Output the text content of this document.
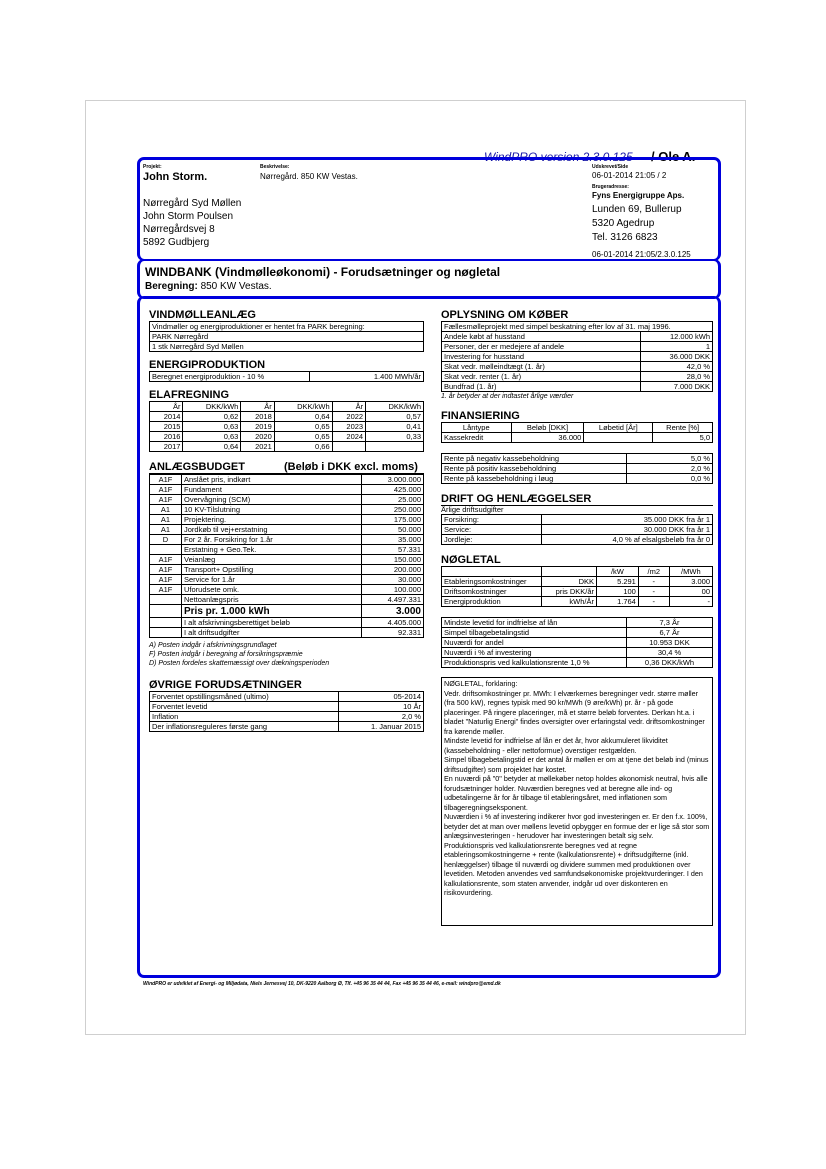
WindPRO version 2.3.0.125 / Ole A.
Projekt:
John Storm.
Beskrivelse:
Nørregård. 850 KW Vestas.
Nørregård Syd Møllen
John Storm Poulsen
Nørregårdsvej 8
5892 Gudbjerg
Udskrevet/Side
06-01-2014 21:05 / 2
Brugeradresse:
Fyns Energigruppe Aps.
Lunden 69, Bullerup
5320 Agedrup
Tel. 3126 6823
06-01-2014 21:05/2.3.0.125
WINDBANK (Vindmølleøkonomi) - Forudsætninger og nøgletal
Beregning: 850 KW Vestas.
VINDMØLLEANLÆG
Vindmøller og energiproduktioner er hentet fra PARK beregning:
PARK Nørregård
1 stk Nørregård Syd Møllen
ENERGIPRODUKTION
Beregnet energiproduktion - 10 %	1.400 MWh/år
ELAFREGNING
År	DKK/kWh	År	DKK/kWh	År	DKK/kWh
2014	0,62	2018	0,64	2022	0,57
2015	0,63	2019	0,65	2023	0,41
2016	0,63	2020	0,65	2024	0,33
2017	0,64	2021	0,66		
ANLÆGSBUDGET	(Beløb i DKK excl. moms)
A1F	Anslået pris, indkørt	3.000.000
A1F	Fundament	425.000
A1F	Overvågning (SCM)	25.000
A1	10 KV-Tilslutning	250.000
A1	Projektering.	175.000
A1	Jordkøb til vej+erstatning	50.000
D	For 2 år. Forsikring for 1.år	35.000
	Erstatning + Geo.Tek.	57.331
A1F	Veianlæg	150.000
A1F	Transport+ Opstilling	200.000
A1F	Service for 1.år	30.000
A1F	Uforudsete omk.	100.000
	Nettoanlægspris	4.497.331
	Pris pr. 1.000 kWh	3.000
	I alt afskrivningsberettiget beløb	4.405.000
	I alt driftsudgifter	92.331
A) Posten indgår i afskrivningsgrundlaget
F) Posten indgår i beregning af forsikringspræmie
D) Posten fordeles skattemæssigt over dækningsperioden
ØVRIGE FORUDSÆTNINGER
Forventet opstillingsmåned (ultimo)	05-2014
Forventet levetid	10 År
Inflation	2,0 %
Der inflationsreguleres første gang	1. Januar 2015
OPLYSNING OM KØBER
Fællesmølleprojekt med simpel beskatning efter lov af 31. maj 1996.	
Andele købt af husstand	12.000 kWh
Personer, der er medejere af andele	1
Investering for husstand	36.000 DKK
Skat vedr. mølleindtægt (1. år)	42,0 %
Skat vedr. renter (1. år)	28,0 %
Bundfrad (1. år)	7.000 DKK
1. år betyder at der indtastet årlige værdier
FINANSIERING
Låntype	Beløb [DKK]	Løbetid [År]	Rente [%]
Kassekredit	36.000		5,0
Rente på negativ kassebeholdning	5,0 %
Rente på positiv kassebeholdning	2,0 %
Rente på kassebeholdning i løug	0,0 %
DRIFT OG HENLÆGGELSER
Årlige driftsudgifter
Forsikring:	35.000 DKK fra år 1
Service:	30.000 DKK fra år 1
Jordleje:	4,0 % af elsalgsbeløb fra år 0
NØGLETAL
		/kW	/m2	/MWh
Etableringsomkostninger	DKK	5.291	-	3.000
Driftsomkostninger	pris DKK/år	100	-	00
Energiproduktion	kWh/År	1.764	-	-
Mindste levetid for indfrielse af lån	7,3 År
Simpel tilbagebetalingstid	6,7 År
Nuværdi for andel	10.953 DKK
Nuværdi i % af investering	30,4 %
Produktionspris ved kalkulationsrente 1,0 %	0,36 DKK/kWh

NØGLETAL, forklaring:

Vedr. driftsomkostninger pr. MWh: I elværkernes beregninger vedr. større møller (fra 500 kW), regnes typisk med 90 kr/MWh (9 øre/kWh) pr. år - på gode placeringer. På ringere placeringer, må et større beløb forventes. Derkan ht.a. i bladet "Naturlig Energi" findes oversigter over erfaringstal vedr. driftsomkostninger fra kørende møller.

Mindste levetid for indfrielse af lån er det år, hvor akkumuleret likviditet (kassebeholdning - eller nettoformue) overstiger restgælden.

Simpel tilbagebetalingstid er det antal år møllen er om at tjene det beløb ind (minus driftsudgifter) som projektet har kostet.

En nuværdi på "0" betyder at møllekøber netop holdes økonomisk neutral, hvis alle forudsætninger holder. Nuværdien beregnes ved at beregne alle ind- og udbetalingerne år for år tilbage til etableringsåret, med inflationen som tilbageregningseksponent.

Nuværdien i % af investering indikerer hvor god investeringen er. Er den f.x. 100%, betyder det at man over møllens levetid opbygger en formue der er lige så stor som anlægsinvesteringen - herudover har investeringen betalt sig selv.

Produktionspris ved kalkulationsrente beregnes ved at regne etableringsomkostningerne + rente (kalkulationsrente) + driftsudgifterne (inkl. henlæggelser) tilbage til nuværdi og dividere summen med produktionen over levetiden. Metoden anvendes ved samfundsøkonomiske projektvurderinger. I den kalkulationsrente, som staten anvender, indgår ud over diskonteren en risikovurdering.

WindPRO er udviklet af Energi- og Miljødata, Niels Jernesvej 10, DK-9220 Aalborg Ø, Tlf. +45 96 35 44 44, Fax +45 96 35 44 46, e-mail: windpro@emd.dk
